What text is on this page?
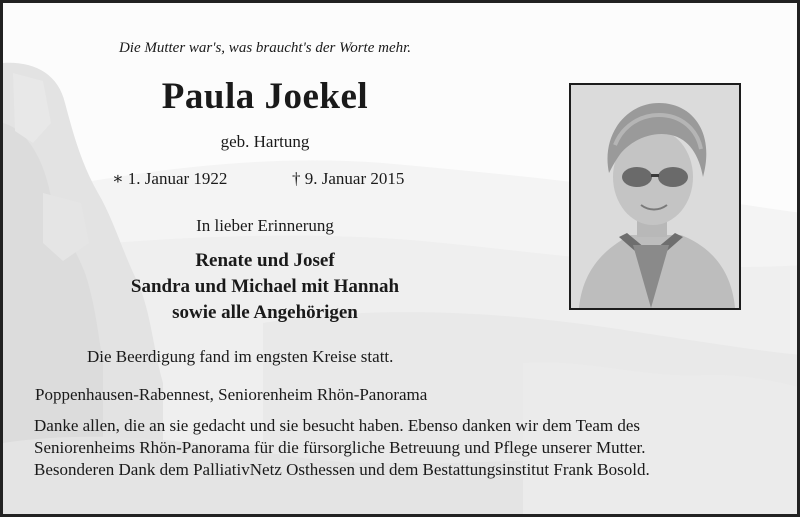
Die Mutter war's, was braucht's der Worte mehr.
Paula Joekel
geb. Hartung
∗ 1. Januar 1922	† 9. Januar 2015
In lieber Erinnerung
Renate und Josef
Sandra und Michael mit Hannah
sowie alle Angehörigen
Die Beerdigung fand im engsten Kreise statt.
Poppenhausen-Rabennest, Seniorenheim Rhön-Panorama
Danke allen, die an sie gedacht und sie besucht haben. Ebenso danken wir dem Team des
Seniorenheims Rhön-Panorama für die fürsorgliche Betreuung und Pflege unserer Mutter.
Besonderen Dank dem PalliativNetz Osthessen und dem Bestattungsinstitut Frank Bosold.
